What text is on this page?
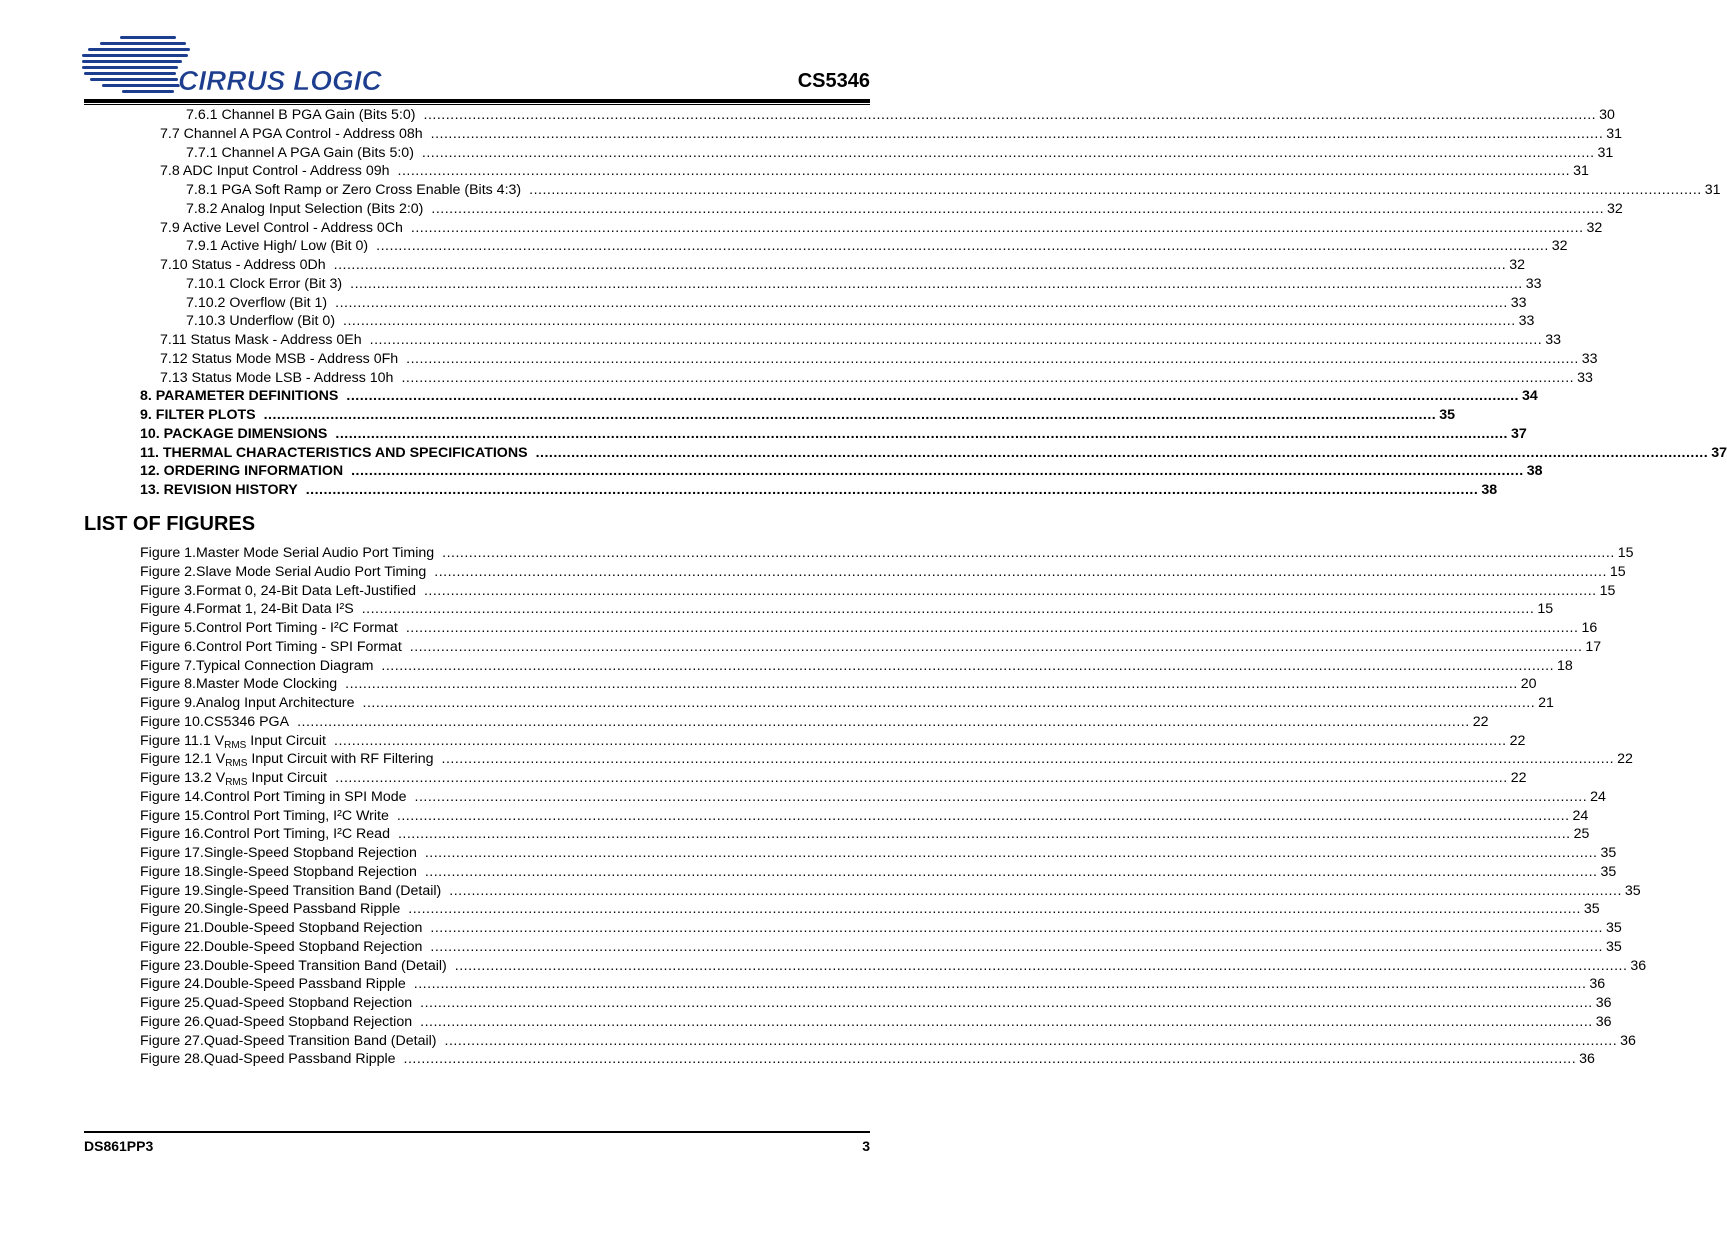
CIRRUS LOGIC	CS5346
7.6.1 Channel B PGA Gain (Bits 5:0) .....	30
7.7 Channel A PGA Control - Address 08h .....	31
7.7.1 Channel A PGA Gain (Bits 5:0) .....	31
7.8 ADC Input Control - Address 09h .....	31
7.8.1 PGA Soft Ramp or Zero Cross Enable (Bits 4:3) .....	31
7.8.2 Analog Input Selection (Bits 2:0) .....	32
7.9 Active Level Control - Address 0Ch .....	32
7.9.1 Active High/ Low (Bit 0) .....	32
7.10 Status - Address 0Dh .....	32
7.10.1 Clock Error (Bit 3) .....	33
7.10.2 Overflow (Bit 1) .....	33
7.10.3 Underflow (Bit 0) .....	33
7.11 Status Mask - Address 0Eh .....	33
7.12 Status Mode MSB - Address 0Fh .....	33
7.13 Status Mode LSB - Address 10h .....	33
8. PARAMETER DEFINITIONS .....	34
9. FILTER PLOTS .....	35
10. PACKAGE DIMENSIONS .....	37
11. THERMAL CHARACTERISTICS AND SPECIFICATIONS .....	37
12. ORDERING INFORMATION .....	38
13. REVISION HISTORY .....	38
LIST OF FIGURES
Figure 1.Master Mode Serial Audio Port Timing .....	15
Figure 2.Slave Mode Serial Audio Port Timing .....	15
Figure 3.Format 0, 24-Bit Data Left-Justified .....	15
Figure 4.Format 1, 24-Bit Data I²S .....	15
Figure 5.Control Port Timing - I²C Format .....	16
Figure 6.Control Port Timing - SPI Format .....	17
Figure 7.Typical Connection Diagram .....	18
Figure 8.Master Mode Clocking .....	20
Figure 9.Analog Input Architecture .....	21
Figure 10.CS5346 PGA .....	22
Figure 11.1 $V_{RMS}$ Input Circuit .....	22
Figure 12.1 $V_{RMS}$ Input Circuit with RF Filtering .....	22
Figure 13.2 $V_{RMS}$ Input Circuit .....	22
Figure 14.Control Port Timing in SPI Mode .....	24
Figure 15.Control Port Timing, I²C Write .....	24
Figure 16.Control Port Timing, I²C Read .....	25
Figure 17.Single-Speed Stopband Rejection .....	35
Figure 18.Single-Speed Stopband Rejection .....	35
Figure 19.Single-Speed Transition Band (Detail) .....	35
Figure 20.Single-Speed Passband Ripple .....	35
Figure 21.Double-Speed Stopband Rejection .....	35
Figure 22.Double-Speed Stopband Rejection .....	35
Figure 23.Double-Speed Transition Band (Detail) .....	36
Figure 24.Double-Speed Passband Ripple .....	36
Figure 25.Quad-Speed Stopband Rejection .....	36
Figure 26.Quad-Speed Stopband Rejection .....	36
Figure 27.Quad-Speed Transition Band (Detail) .....	36
Figure 28.Quad-Speed Passband Ripple .....	36
DS861PP3	3
